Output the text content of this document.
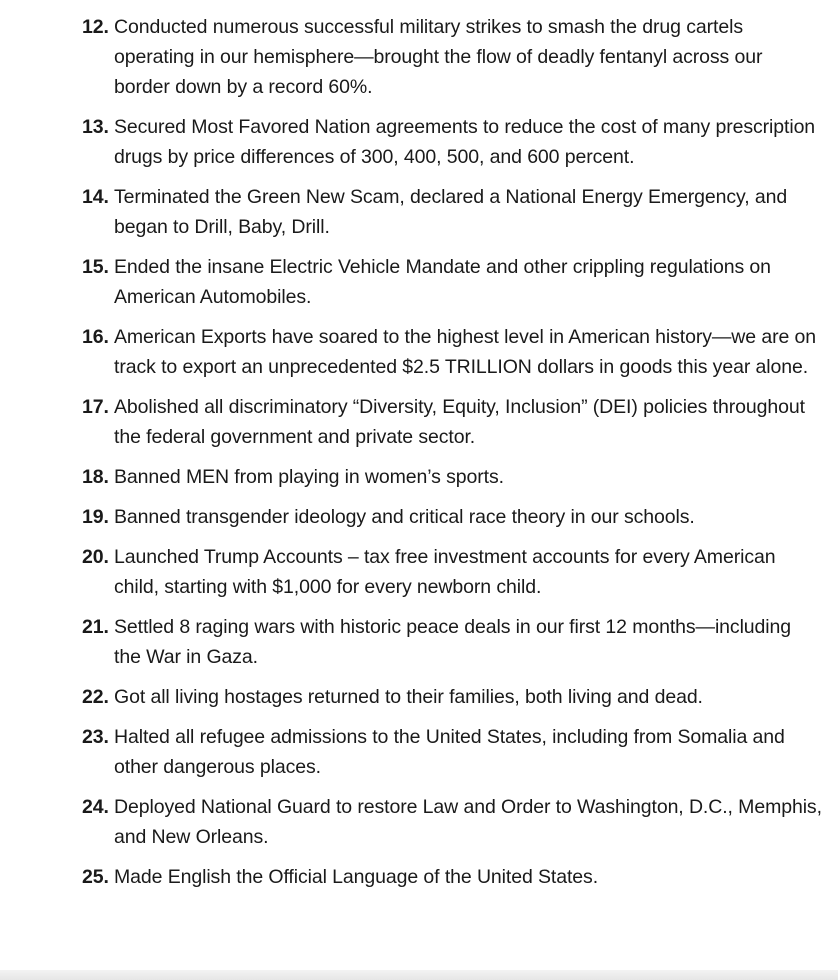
12. Conducted numerous successful military strikes to smash the drug cartels operating in our hemisphere—brought the flow of deadly fentanyl across our border down by a record 60%.
13. Secured Most Favored Nation agreements to reduce the cost of many prescription drugs by price differences of 300, 400, 500, and 600 percent.
14. Terminated the Green New Scam, declared a National Energy Emergency, and began to Drill, Baby, Drill.
15. Ended the insane Electric Vehicle Mandate and other crippling regulations on American Automobiles.
16. American Exports have soared to the highest level in American history—we are on track to export an unprecedented $2.5 TRILLION dollars in goods this year alone.
17. Abolished all discriminatory “Diversity, Equity, Inclusion” (DEI) policies throughout the federal government and private sector.
18. Banned MEN from playing in women’s sports.
19. Banned transgender ideology and critical race theory in our schools.
20. Launched Trump Accounts – tax free investment accounts for every American child, starting with $1,000 for every newborn child.
21. Settled 8 raging wars with historic peace deals in our first 12 months—including the War in Gaza.
22. Got all living hostages returned to their families, both living and dead.
23. Halted all refugee admissions to the United States, including from Somalia and other dangerous places.
24. Deployed National Guard to restore Law and Order to Washington, D.C., Memphis, and New Orleans.
25. Made English the Official Language of the United States.
